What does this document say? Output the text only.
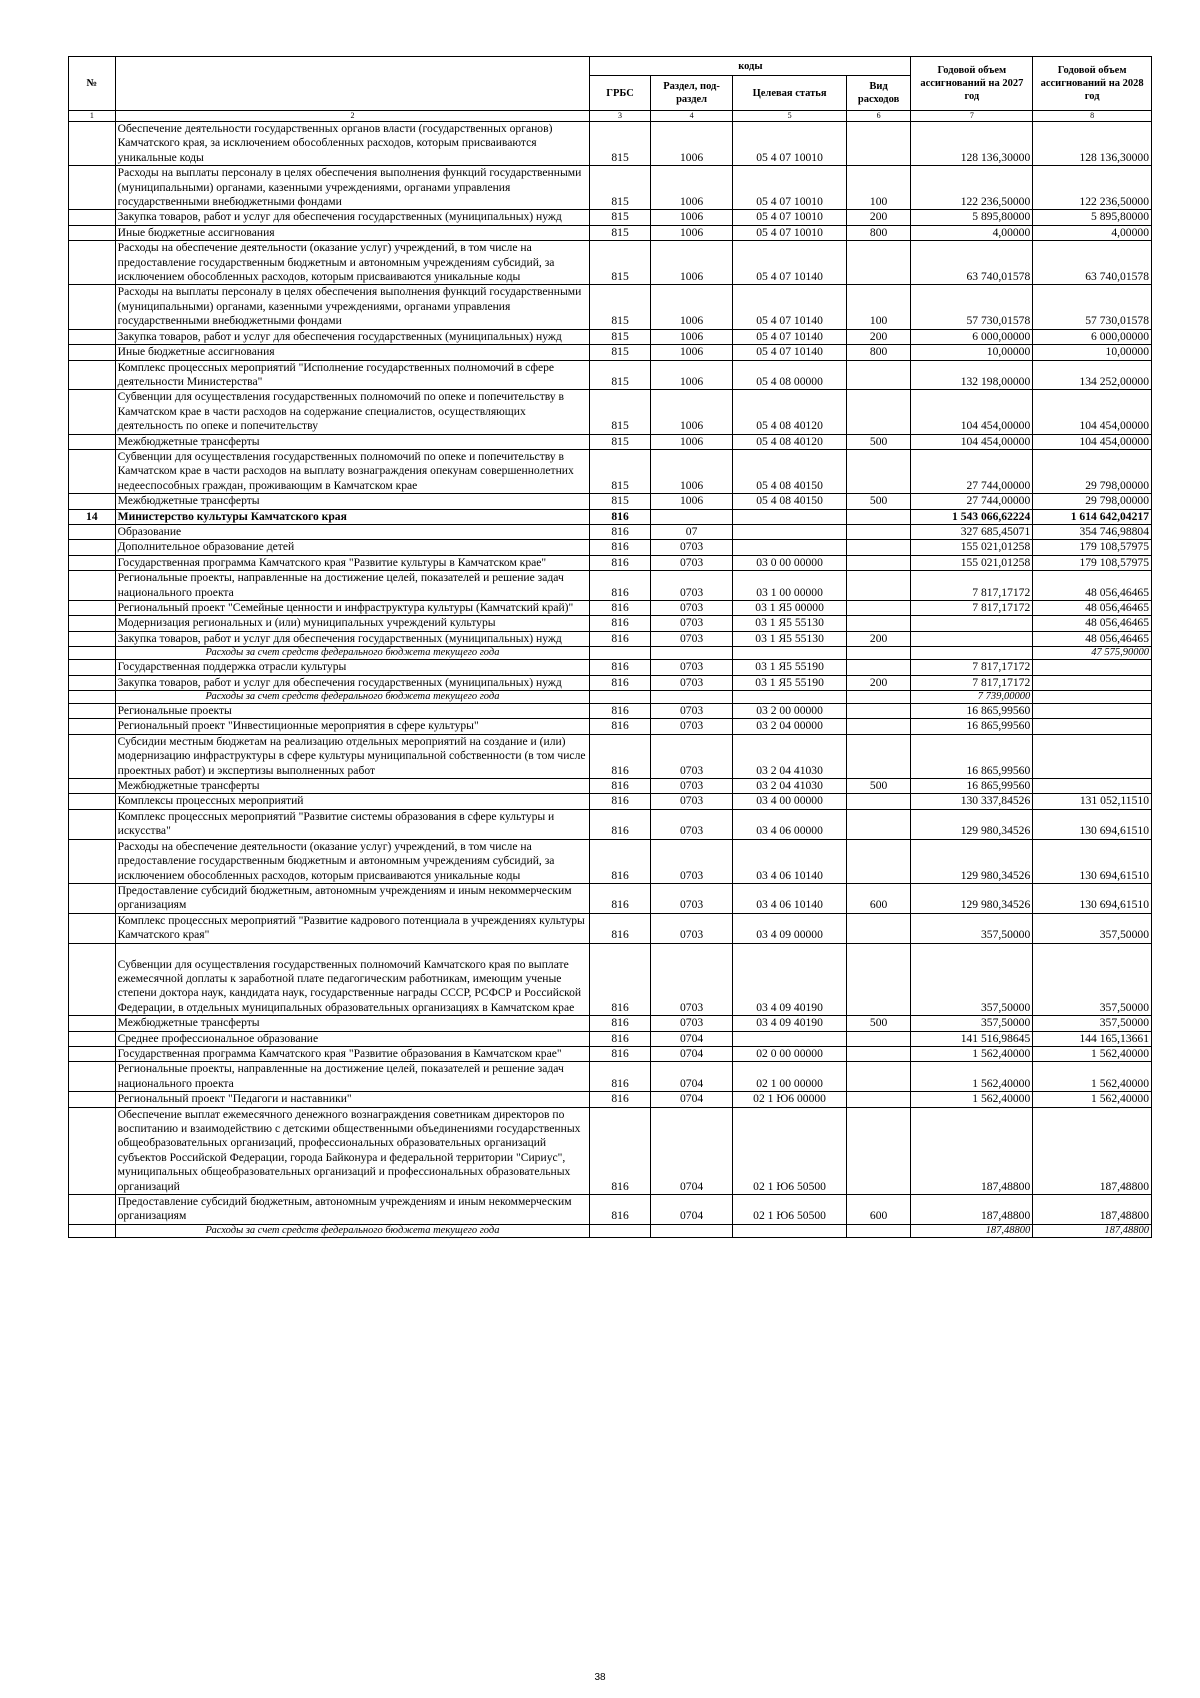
№		коды				Годовой объем ассигнований на 2027 год	Годовой объем ассигнований на 2028 год
		ГРБС	Раздел, под-раздел	Целевая статья	Вид расходов		
1	2	3	4	5	6	7	8
	Обеспечение деятельности государственных органов власти (государственных органов) Камчатского края, за исключением обособленных расходов, которым присваиваются уникальные коды	815	1006	05 4 07 10010		128 136,30000	128 136,30000
	Расходы на выплаты персоналу в целях обеспечения выполнения функций государственными (муниципальными) органами, казенными учреждениями, органами управления государственными внебюджетными фондами	815	1006	05 4 07 10010	100	122 236,50000	122 236,50000
	Закупка товаров, работ и услуг для обеспечения государственных (муниципальных) нужд	815	1006	05 4 07 10010	200	5 895,80000	5 895,80000
	Иные бюджетные ассигнования	815	1006	05 4 07 10010	800	4,00000	4,00000
	Расходы на обеспечение деятельности (оказание услуг) учреждений, в том числе на предоставление государственным бюджетным и автономным учреждениям субсидий, за исключением обособленных расходов, которым присваиваются уникальные коды	815	1006	05 4 07 10140		63 740,01578	63 740,01578
	Расходы на выплаты персоналу в целях обеспечения выполнения функций государственными (муниципальными) органами, казенными учреждениями, органами управления государственными внебюджетными фондами	815	1006	05 4 07 10140	100	57 730,01578	57 730,01578
	Закупка товаров, работ и услуг для обеспечения государственных (муниципальных) нужд	815	1006	05 4 07 10140	200	6 000,00000	6 000,00000
	Иные бюджетные ассигнования	815	1006	05 4 07 10140	800	10,00000	10,00000
	Комплекс процессных мероприятий "Исполнение государственных полномочий в сфере деятельности Министерства"	815	1006	05 4 08 00000		132 198,00000	134 252,00000
	Субвенции для осуществления государственных полномочий по опеке и попечительству в Камчатском крае в части расходов на содержание специалистов, осуществляющих деятельность по опеке и попечительству	815	1006	05 4 08 40120		104 454,00000	104 454,00000
	Межбюджетные трансферты	815	1006	05 4 08 40120	500	104 454,00000	104 454,00000
	Субвенции для осуществления государственных полномочий по опеке и попечительству в Камчатском крае в части расходов на выплату вознаграждения опекунам совершеннолетних недееспособных граждан, проживающим в Камчатском крае	815	1006	05 4 08 40150		27 744,00000	29 798,00000
	Межбюджетные трансферты	815	1006	05 4 08 40150	500	27 744,00000	29 798,00000
14	Министерство культуры Камчатского края	816				1 543 066,62224	1 614 642,04217
	Образование	816	07			327 685,45071	354 746,98804
	Дополнительное образование детей	816	0703			155 021,01258	179 108,57975
	Государственная программа Камчатского края "Развитие культуры в Камчатском крае"	816	0703	03 0 00 00000		155 021,01258	179 108,57975
	Региональные проекты, направленные на достижение целей, показателей и решение задач национального проекта	816	0703	03 1 00 00000		7 817,17172	48 056,46465
	Региональный проект "Семейные ценности и инфраструктура культуры (Камчатский край)"	816	0703	03 1 Я5 00000		7 817,17172	48 056,46465
	Модернизация региональных и (или) муниципальных учреждений культуры	816	0703	03 1 Я5 55130			48 056,46465
	Закупка товаров, работ и услуг для обеспечения государственных (муниципальных) нужд	816	0703	03 1 Я5 55130	200		48 056,46465
	Расходы за счет средств федерального бюджета текущего года						47 575,90000
	Государственная поддержка отрасли культуры	816	0703	03 1 Я5 55190		7 817,17172	
	Закупка товаров, работ и услуг для обеспечения государственных (муниципальных) нужд	816	0703	03 1 Я5 55190	200	7 817,17172	
	Расходы за счет средств федерального бюджета текущего года					7 739,00000	
	Региональные проекты	816	0703	03 2 00 00000		16 865,99560	
	Региональный проект "Инвестиционные мероприятия в сфере культуры"	816	0703	03 2 04 00000		16 865,99560	
	Субсидии местным бюджетам на реализацию отдельных мероприятий на создание и (или) модернизацию инфраструктуры в сфере культуры муниципальной собственности (в том числе проектных работ) и экспертизы выполненных работ	816	0703	03 2 04 41030		16 865,99560	
	Межбюджетные трансферты	816	0703	03 2 04 41030	500	16 865,99560	
	Комплексы процессных мероприятий	816	0703	03 4 00 00000		130 337,84526	131 052,11510
	Комплекс процессных мероприятий "Развитие системы образования в сфере культуры и искусства"	816	0703	03 4 06 00000		129 980,34526	130 694,61510
	Расходы на обеспечение деятельности (оказание услуг) учреждений, в том числе на предоставление государственным бюджетным и автономным учреждениям субсидий, за исключением обособленных расходов, которым присваиваются уникальные коды	816	0703	03 4 06 10140		129 980,34526	130 694,61510
	Предоставление субсидий бюджетным, автономным учреждениям и иным некоммерческим организациям	816	0703	03 4 06 10140	600	129 980,34526	130 694,61510
	Комплекс процессных мероприятий "Развитие кадрового потенциала в учреждениях культуры Камчатского края"	816	0703	03 4 09 00000		357,50000	357,50000
	Субвенции для осуществления государственных полномочий Камчатского края по выплате ежемесячной доплаты к заработной плате педагогическим работникам, имеющим ученые степени доктора наук, кандидата наук, государственные награды СССР, РСФСР и Российской Федерации, в отдельных муниципальных образовательных организациях в Камчатском крае	816	0703	03 4 09 40190		357,50000	357,50000
	Межбюджетные трансферты	816	0703	03 4 09 40190	500	357,50000	357,50000
	Среднее профессиональное образование	816	0704			141 516,98645	144 165,13661
	Государственная программа Камчатского края "Развитие образования в Камчатском крае"	816	0704	02 0 00 00000		1 562,40000	1 562,40000
	Региональные проекты, направленные на достижение целей, показателей и решение задач национального проекта	816	0704	02 1 00 00000		1 562,40000	1 562,40000
	Региональный проект "Педагоги и наставники"	816	0704	02 1 Ю6 00000		1 562,40000	1 562,40000
	Обеспечение выплат ежемесячного денежного вознаграждения советникам директоров по воспитанию и взаимодействию с детскими общественными объединениями государственных общеобразовательных организаций, профессиональных образовательных организаций субъектов Российской Федерации, города Байконура и федеральной территории "Сириус", муниципальных общеобразовательных организаций и профессиональных образовательных организаций	816	0704	02 1 Ю6 50500		187,48800	187,48800
	Предоставление субсидий бюджетным, автономным учреждениям и иным некоммерческим организациям	816	0704	02 1 Ю6 50500	600	187,48800	187,48800
	Расходы за счет средств федерального бюджета текущего года					187,48800	187,48800
38
